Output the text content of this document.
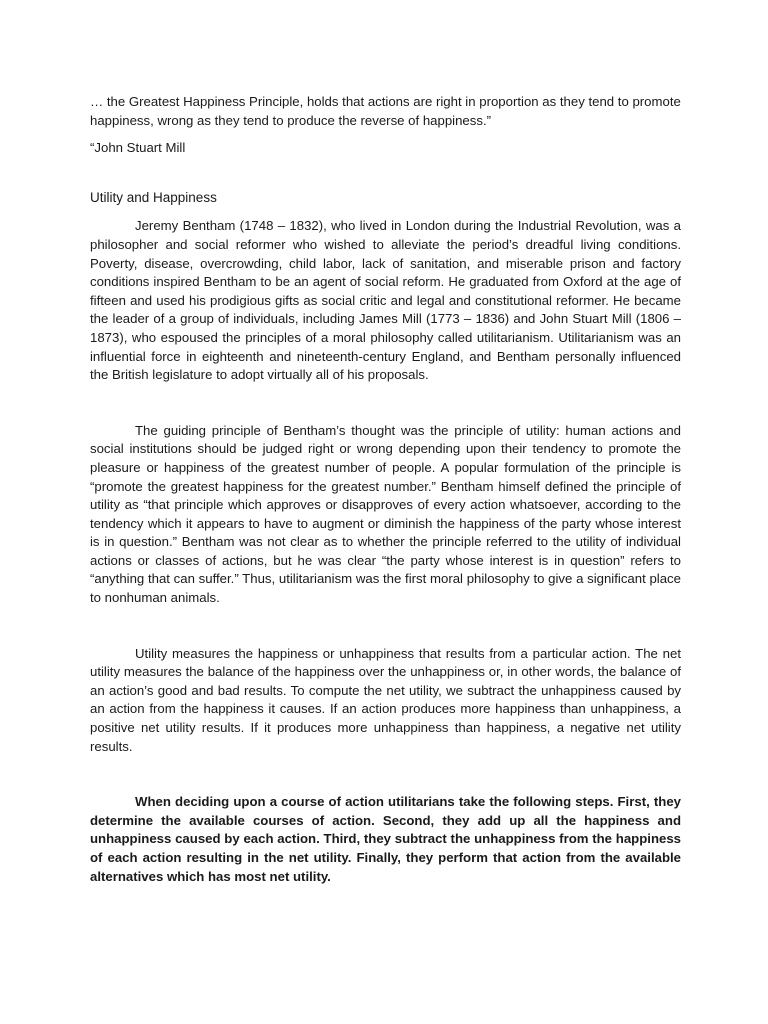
… the Greatest Happiness Principle, holds that actions are right in proportion as they tend to promote happiness, wrong as they tend to produce the reverse of happiness.”

“John Stuart Mill
Utility and Happiness

Jeremy Bentham (1748 – 1832), who lived in London during the Industrial Revolution, was a philosopher and social reformer who wished to alleviate the period’s dreadful living conditions. Poverty, disease, overcrowding, child labor, lack of sanitation, and miserable prison and factory conditions inspired Bentham to be an agent of social reform. He graduated from Oxford at the age of fifteen and used his prodigious gifts as social critic and legal and constitutional reformer. He became the leader of a group of individuals, including James Mill (1773 – 1836) and John Stuart Mill (1806 – 1873), who espoused the principles of a moral philosophy called utilitarianism. Utilitarianism was an influential force in eighteenth and nineteenth-century England, and Bentham personally influenced the British legislature to adopt virtually all of his proposals.

The guiding principle of Bentham’s thought was the principle of utility: human actions and social institutions should be judged right or wrong depending upon their tendency to promote the pleasure or happiness of the greatest number of people. A popular formulation of the principle is “promote the greatest happiness for the greatest number.” Bentham himself defined the principle of utility as “that principle which approves or disapproves of every action whatsoever, according to the tendency which it appears to have to augment or diminish the happiness of the party whose interest is in question.” Bentham was not clear as to whether the principle referred to the utility of individual actions or classes of actions, but he was clear “the party whose interest is in question” refers to “anything that can suffer.” Thus, utilitarianism was the first moral philosophy to give a significant place to nonhuman animals.

Utility measures the happiness or unhappiness that results from a particular action. The net utility measures the balance of the happiness over the unhappiness or, in other words, the balance of an action’s good and bad results. To compute the net utility, we subtract the unhappiness caused by an action from the happiness it causes. If an action produces more happiness than unhappiness, a positive net utility results. If it produces more unhappiness than happiness, a negative net utility results.

When deciding upon a course of action utilitarians take the following steps. First, they determine the available courses of action. Second, they add up all the happiness and unhappiness caused by each action. Third, they subtract the unhappiness from the happiness of each action resulting in the net utility. Finally, they perform that action from the available alternatives which has most net utility.
